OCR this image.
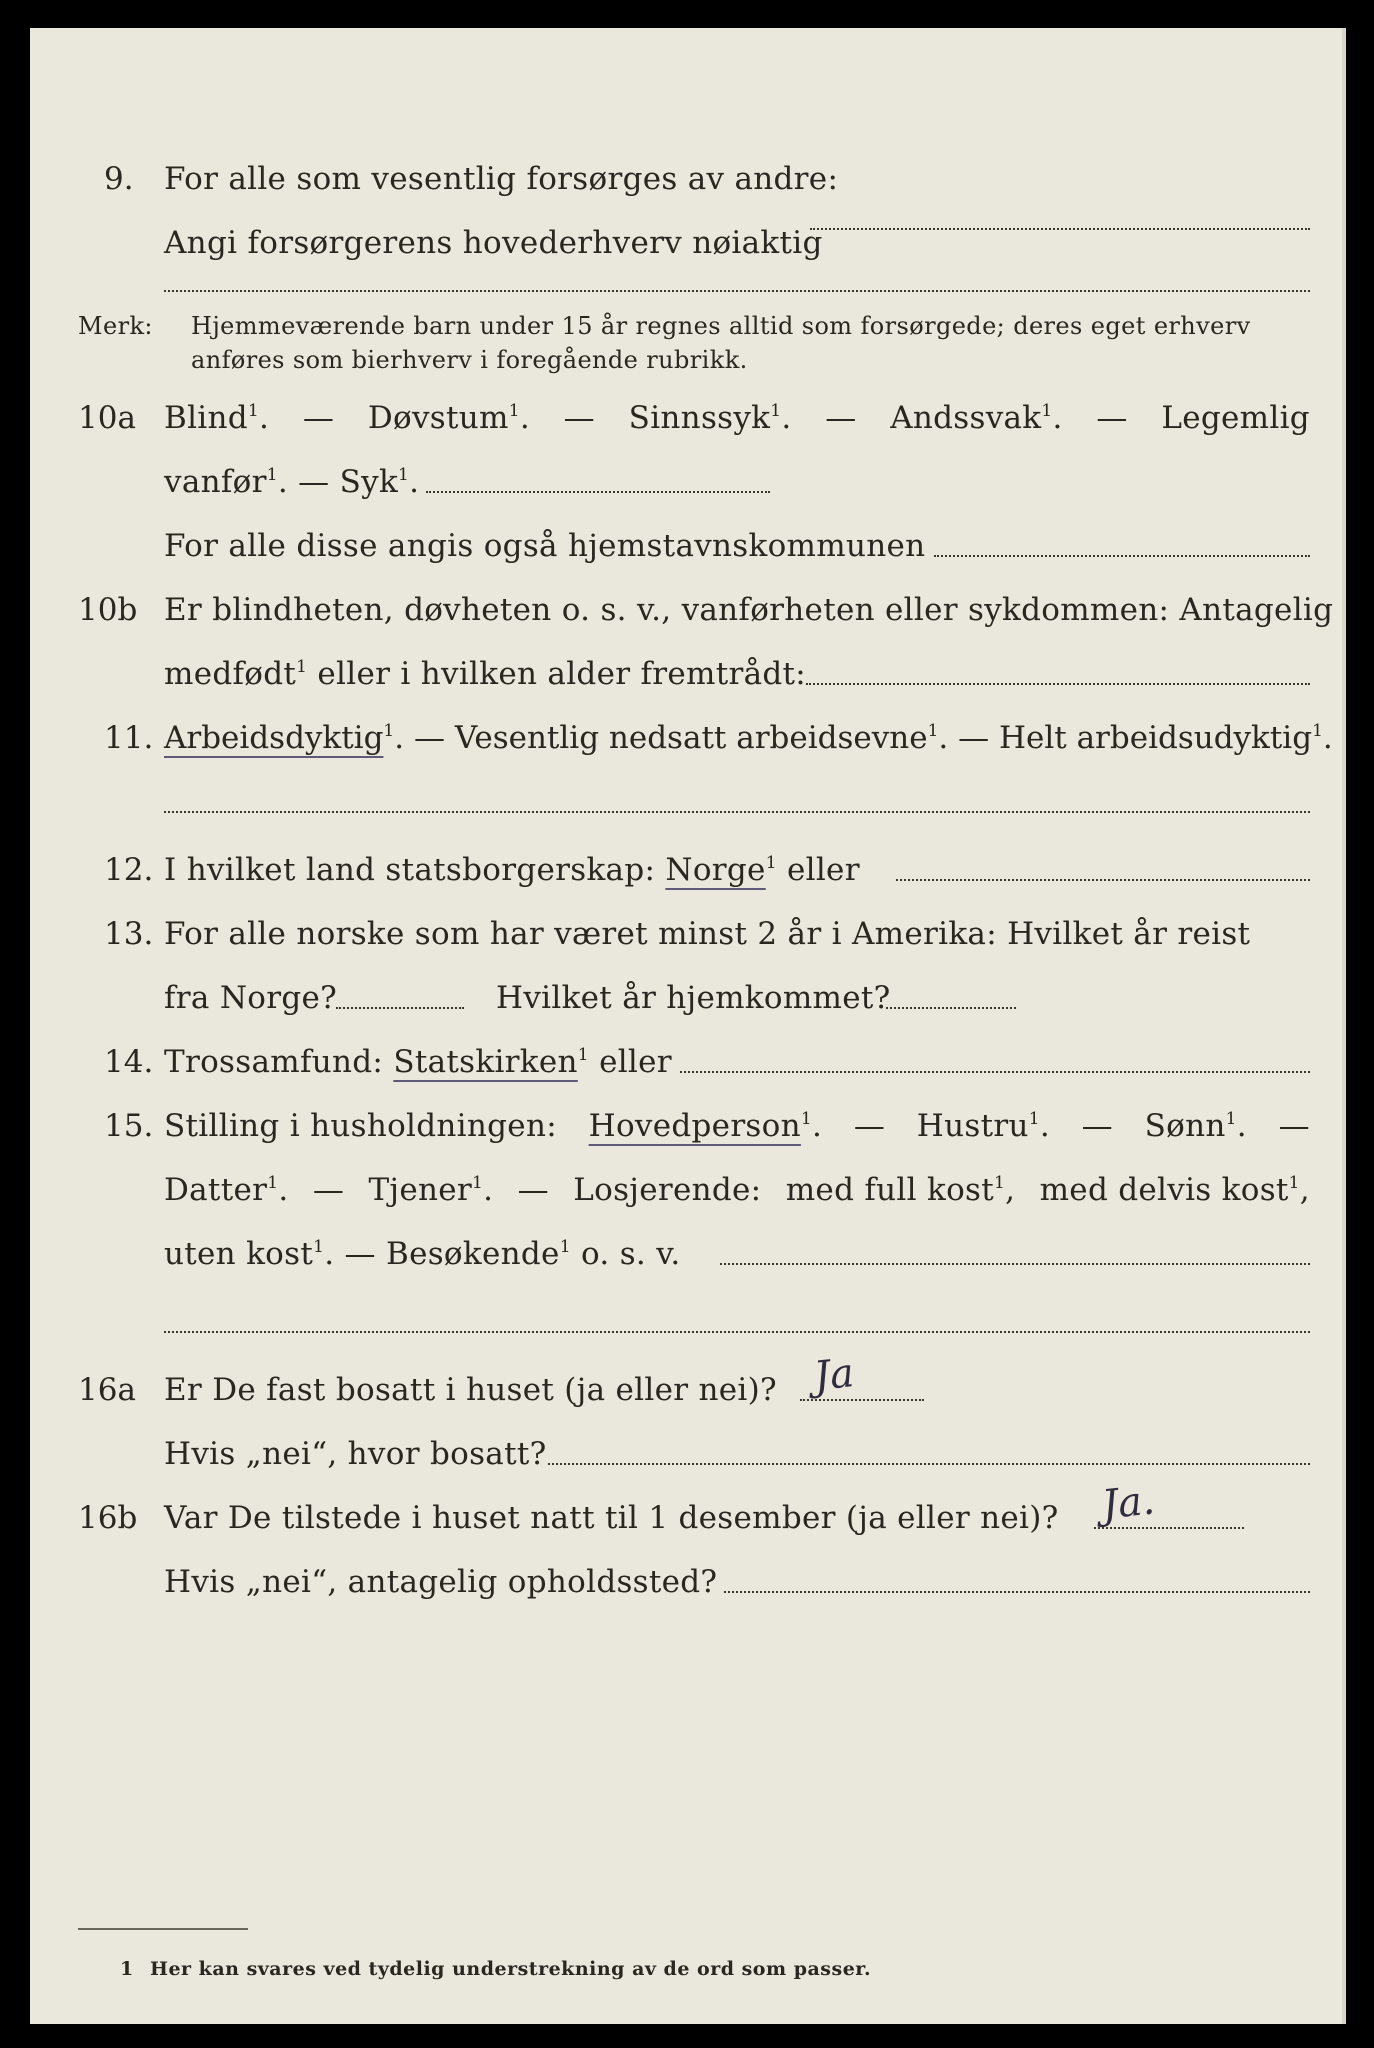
9. For alle som vesentlig forsørges av andre:
Angi forsørgerens hovederhverv nøiaktig
Merk: Hjemmeværende barn under 15 år regnes alltid som forsørgede; deres eget erhverv
anføres som bierhverv i foregående rubrikk.
10a Blind$^1$. — Døvstum$^1$. — Sinnssyk$^1$. — Andssvak$^1$. — Legemlig
vanfør$^1$. — Syk$^1$.
For alle disse angis også hjemstavnskommunen
10b Er blindheten, døvheten o. s. v., vanførheten eller sykdommen: Antagelig
medfødt$^1$ eller i hvilken alder fremtrådt:
11. Arbeidsdyktig$^1$. — Vesentlig nedsatt arbeidsevne$^1$. — Helt arbeidsudyktig$^1$.
12. I hvilket land statsborgerskap: Norge$^1$ eller
13. For alle norske som har været minst 2 år i Amerika: Hvilket år reist
fra Norge?	Hvilket år hjemkommet?
14. Trossamfund: Statskirken$^1$ eller
15. Stilling i husholdningen: Hovedperson$^1$. — Hustru$^1$. — Sønn$^1$. —
Datter$^1$. — Tjener$^1$. — Losjerende: med full kost$^1$, med delvis kost$^1$,
uten kost$^1$. — Besøkende$^1$ o. s. v.
16a Er De fast bosatt i huset (ja eller nei)? Ja
Hvis „nei“, hvor bosatt?
16b Var De tilstede i huset natt til 1 desember (ja eller nei)? Ja.
Hvis „nei“, antagelig opholdssted?
1 Her kan svares ved tydelig understrekning av de ord som passer.
